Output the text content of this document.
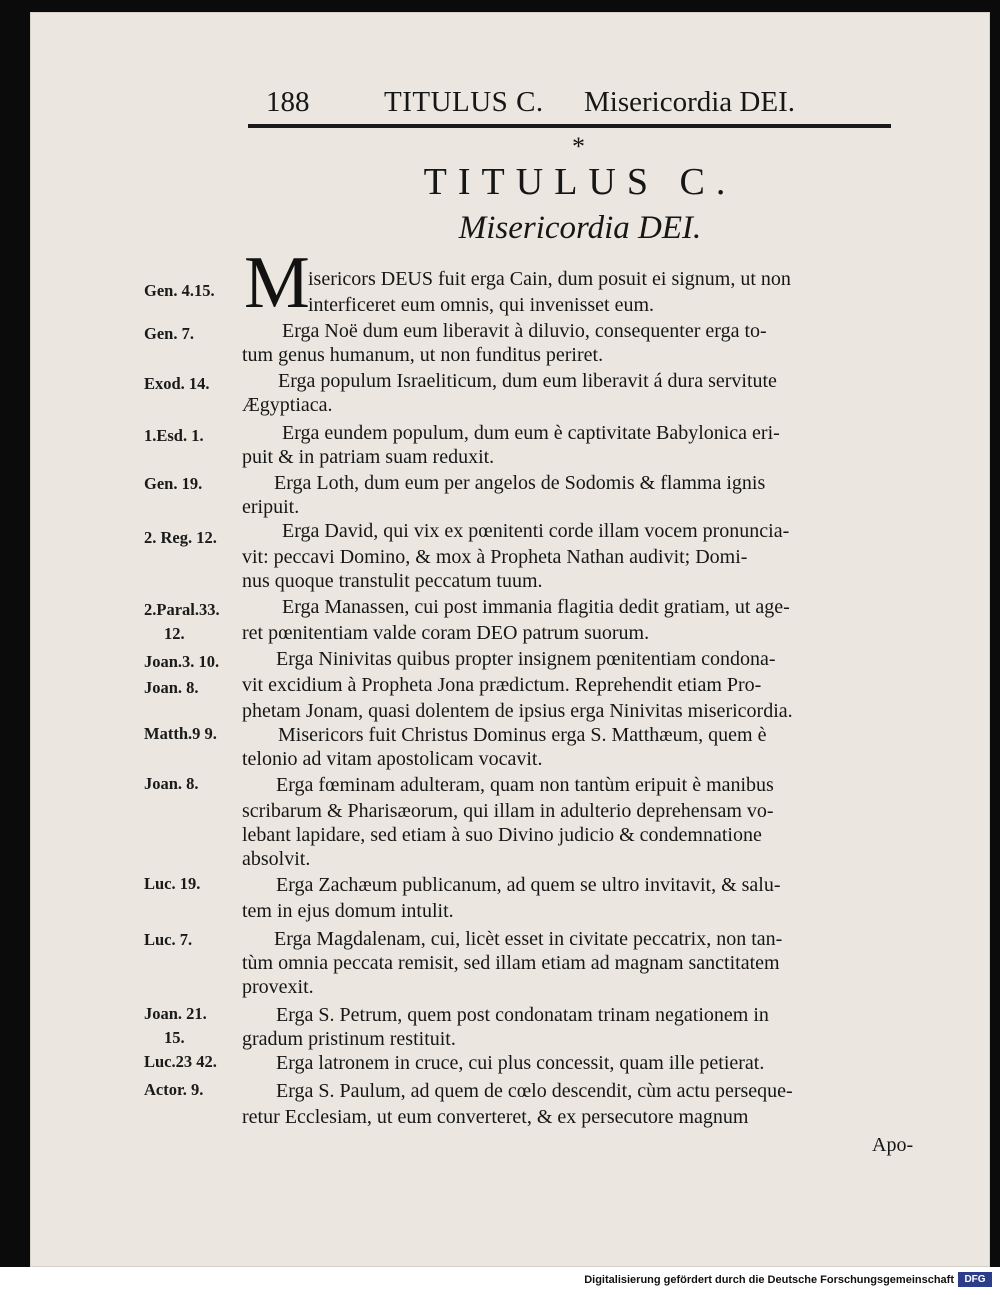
188	TITULUS C. Misericordia DEI.
*
TITULUS C.
Misericordia DEI.
M
Gen. 4.15.
Gen. 7.
Exod. 14.
1.Esd. 1.
Gen. 19.
2. Reg. 12.
2.Paral.33.
12.
Joan.3. 10.
Joan. 8.
Matth.9 9.
Joan. 8.
Luc. 19.
Luc. 7.
Joan. 21.
15.
Luc.23 42.
Actor. 9.
isericors DEUS fuit erga Cain, dum posuit ei signum, ut non
interficeret eum omnis, qui invenisset eum.
Erga Noë dum eum liberavit à diluvio, consequenter erga to-
tum genus humanum, ut non funditus periret.
Erga populum Israeliticum, dum eum liberavit á dura servitute
Ægyptiaca.
Erga eundem populum, dum eum è captivitate Babylonica eri-
puit & in patriam suam reduxit.
Erga Loth, dum eum per angelos de Sodomis & flamma ignis
eripuit.
Erga David, qui vix ex pœnitenti corde illam vocem pronuncia-
vit: peccavi Domino, & mox à Propheta Nathan audivit; Domi-
nus quoque transtulit peccatum tuum.
Erga Manassen, cui post immania flagitia dedit gratiam, ut age-
ret pœnitentiam valde coram DEO patrum suorum.
Erga Ninivitas quibus propter insignem pœnitentiam condona-
vit excidium à Propheta Jona prædictum. Reprehendit etiam Pro-
phetam Jonam, quasi dolentem de ipsius erga Ninivitas misericordia.
Misericors fuit Christus Dominus erga S. Matthæum, quem è
telonio ad vitam apostolicam vocavit.
Erga fœminam adulteram, quam non tantùm eripuit è manibus
scribarum & Pharisæorum, qui illam in adulterio deprehensam vo-
lebant lapidare, sed etiam à suo Divino judicio & condemnatione
absolvit.
Erga Zachæum publicanum, ad quem se ultro invitavit, & salu-
tem in ejus domum intulit.
Erga Magdalenam, cui, licèt esset in civitate peccatrix, non tan-
tùm omnia peccata remisit, sed illam etiam ad magnam sanctitatem
provexit.
Erga S. Petrum, quem post condonatam trinam negationem in
gradum pristinum restituit.
Erga latronem in cruce, cui plus concessit, quam ille petierat.
Erga S. Paulum, ad quem de cœlo descendit, cùm actu persequе-
retur Ecclesiam, ut eum converteret, & ex persecutore magnum
Apo-
Digitalisierung gefördert durch die Deutsche Forschungsgemeinschaft	DFG
